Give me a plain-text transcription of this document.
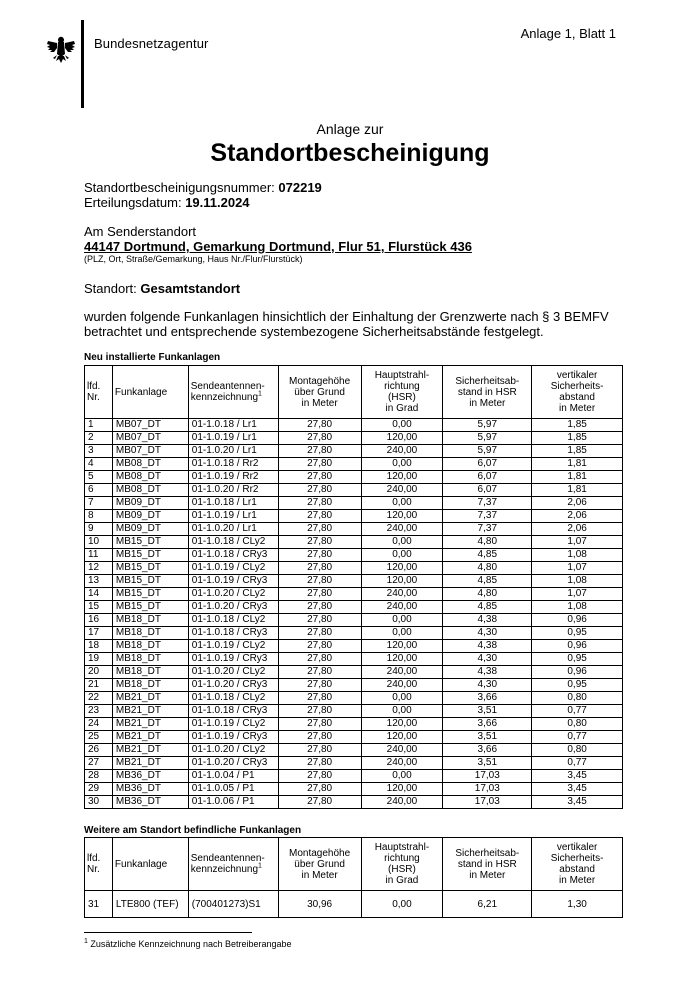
Bundesnetzagentur
Anlage 1, Blatt 1
Anlage zur
Standortbescheinigung
Standortbescheinigungsnummer: 072219
Erteilungsdatum: 19.11.2024
Am Senderstandort
44147 Dortmund, Gemarkung Dortmund, Flur 51, Flurstück 436
(PLZ, Ort, Straße/Gemarkung, Haus Nr./Flur/Flurstück)
Standort: Gesamtstandort
wurden folgende Funkanlagen hinsichtlich der Einhaltung der Grenzwerte nach § 3 BEMFV
betrachtet und entsprechende systembezogene Sicherheitsabstände festgelegt.
Neu installierte Funkanlagen
lfd.
Nr.	Funkanlage	Sendeantennen-
kennzeichnung$^1$	Montagehöhe
über Grund
in Meter	Hauptstrahl-
richtung
(HSR)
in Grad	Sicherheitsab-
stand in HSR
in Meter	vertikaler
Sicherheits-
abstand
in Meter
1	MB07_DT	01-1.0.18 / Lr1	27,80	0,00	5,97	1,85
2	MB07_DT	01-1.0.19 / Lr1	27,80	120,00	5,97	1,85
3	MB07_DT	01-1.0.20 / Lr1	27,80	240,00	5,97	1,85
4	MB08_DT	01-1.0.18 / Rr2	27,80	0,00	6,07	1,81
5	MB08_DT	01-1.0.19 / Rr2	27,80	120,00	6,07	1,81
6	MB08_DT	01-1.0.20 / Rr2	27,80	240,00	6,07	1,81
7	MB09_DT	01-1.0.18 / Lr1	27,80	0,00	7,37	2,06
8	MB09_DT	01-1.0.19 / Lr1	27,80	120,00	7,37	2,06
9	MB09_DT	01-1.0.20 / Lr1	27,80	240,00	7,37	2,06
10	MB15_DT	01-1.0.18 / CLy2	27,80	0,00	4,80	1,07
11	MB15_DT	01-1.0.18 / CRy3	27,80	0,00	4,85	1,08
12	MB15_DT	01-1.0.19 / CLy2	27,80	120,00	4,80	1,07
13	MB15_DT	01-1.0.19 / CRy3	27,80	120,00	4,85	1,08
14	MB15_DT	01-1.0.20 / CLy2	27,80	240,00	4,80	1,07
15	MB15_DT	01-1.0.20 / CRy3	27,80	240,00	4,85	1,08
16	MB18_DT	01-1.0.18 / CLy2	27,80	0,00	4,38	0,96
17	MB18_DT	01-1.0.18 / CRy3	27,80	0,00	4,30	0,95
18	MB18_DT	01-1.0.19 / CLy2	27,80	120,00	4,38	0,96
19	MB18_DT	01-1.0.19 / CRy3	27,80	120,00	4,30	0,95
20	MB18_DT	01-1.0.20 / CLy2	27,80	240,00	4,38	0,96
21	MB18_DT	01-1.0.20 / CRy3	27,80	240,00	4,30	0,95
22	MB21_DT	01-1.0.18 / CLy2	27,80	0,00	3,66	0,80
23	MB21_DT	01-1.0.18 / CRy3	27,80	0,00	3,51	0,77
24	MB21_DT	01-1.0.19 / CLy2	27,80	120,00	3,66	0,80
25	MB21_DT	01-1.0.19 / CRy3	27,80	120,00	3,51	0,77
26	MB21_DT	01-1.0.20 / CLy2	27,80	240,00	3,66	0,80
27	MB21_DT	01-1.0.20 / CRy3	27,80	240,00	3,51	0,77
28	MB36_DT	01-1.0.04 / P1	27,80	0,00	17,03	3,45
29	MB36_DT	01-1.0.05 / P1	27,80	120,00	17,03	3,45
30	MB36_DT	01-1.0.06 / P1	27,80	240,00	17,03	3,45
Weitere am Standort befindliche Funkanlagen
lfd.
Nr.	Funkanlage	Sendeantennen-
kennzeichnung$^1$	Montagehöhe
über Grund
in Meter	Hauptstrahl-
richtung
(HSR)
in Grad	Sicherheitsab-
stand in HSR
in Meter	vertikaler
Sicherheits-
abstand
in Meter
31	LTE800 (TEF)	(700401273)S1	30,96	0,00	6,21	1,30
$^1$ Zusätzliche Kennzeichnung nach Betreiberangabe
